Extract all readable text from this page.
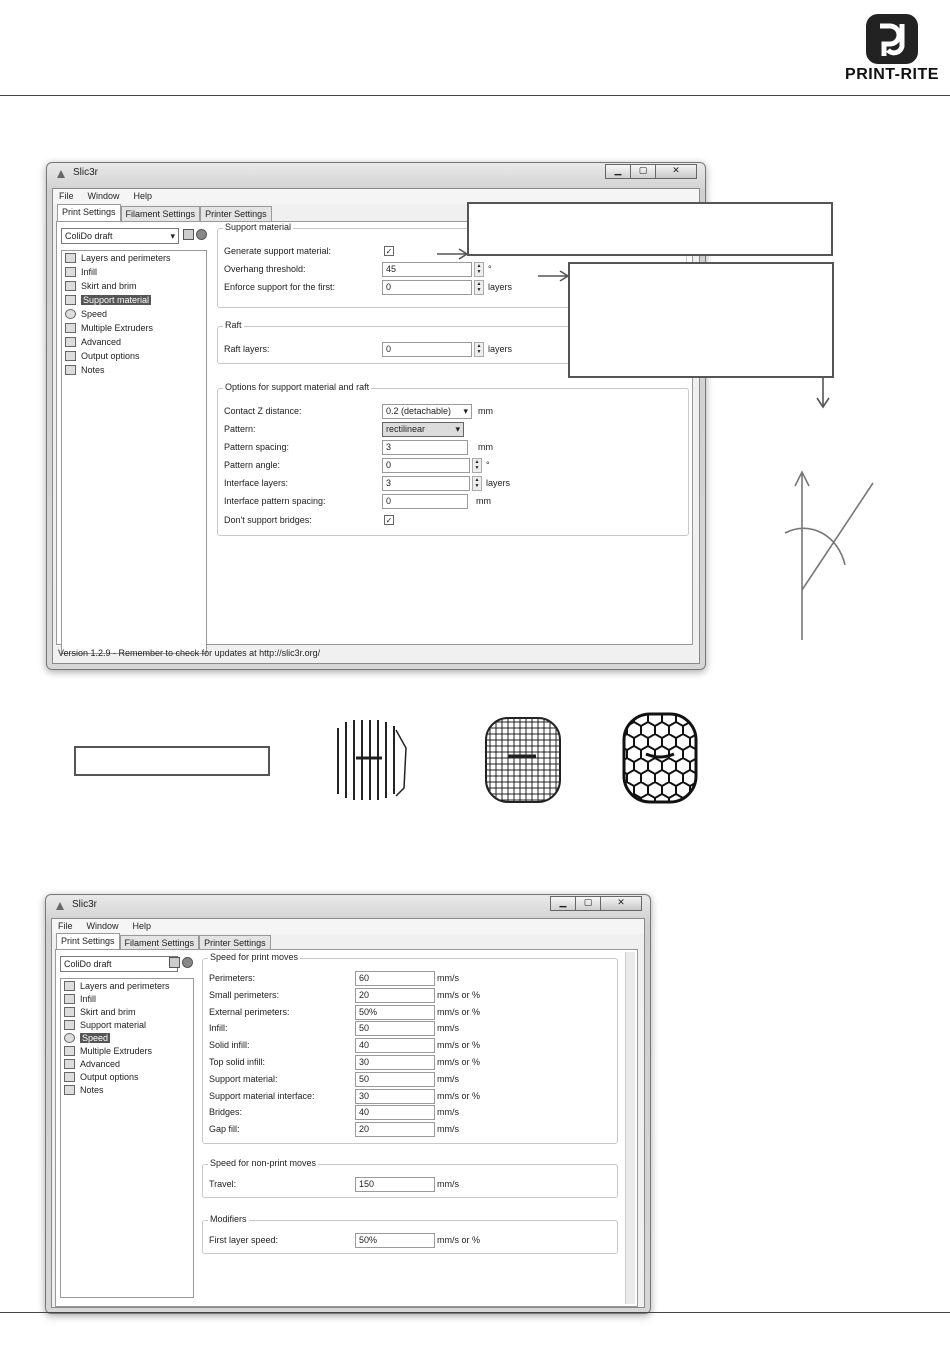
PRINT-RITE
Slic3r	▁	▢	✕
File Window Help
Print Settings	Filament Settings	Printer Settings
ColiDo draft ▾
Layers and perimeters
Infill
Skirt and brim
Support material
Speed
Multiple Extruders
Advanced
Output options
Notes
Support material
Generate support material:	✓
Overhang threshold:	45	▲
▼ °
Enforce support for the first:	0	▲
▼ layers
Raft
Raft layers:	0	▲
▼ layers
Options for support material and raft
Contact Z distance:	0.2 (detachable) ▾	mm
Pattern:	rectilinear ▾
Pattern spacing:	3	mm
Pattern angle:	0	▲
▼ °
Interface layers:	3	▲
▼ layers
Interface pattern spacing:	0	mm
Don't support bridges:	✓
Version 1.2.9 - Remember to check for updates at http://slic3r.org/
Slic3r	▁	▢	✕
File Window Help
Print Settings	Filament Settings	Printer Settings
ColiDo draft ▾
Layers and perimeters
Infill
Skirt and brim
Support material
Speed
Multiple Extruders
Advanced
Output options
Notes
Speed for print moves
Perimeters:	60	mm/s
Small perimeters:	20	mm/s or %
External perimeters:	50%	mm/s or %
Infill:	50	mm/s
Solid infill:	40	mm/s or %
Top solid infill:	30	mm/s or %
Support material:	50	mm/s
Support material interface:	30	mm/s or %
Bridges:	40	mm/s
Gap fill:	20	mm/s
Speed for non-print moves
Travel:	150	mm/s
Modifiers
First layer speed:	50%	mm/s or %
